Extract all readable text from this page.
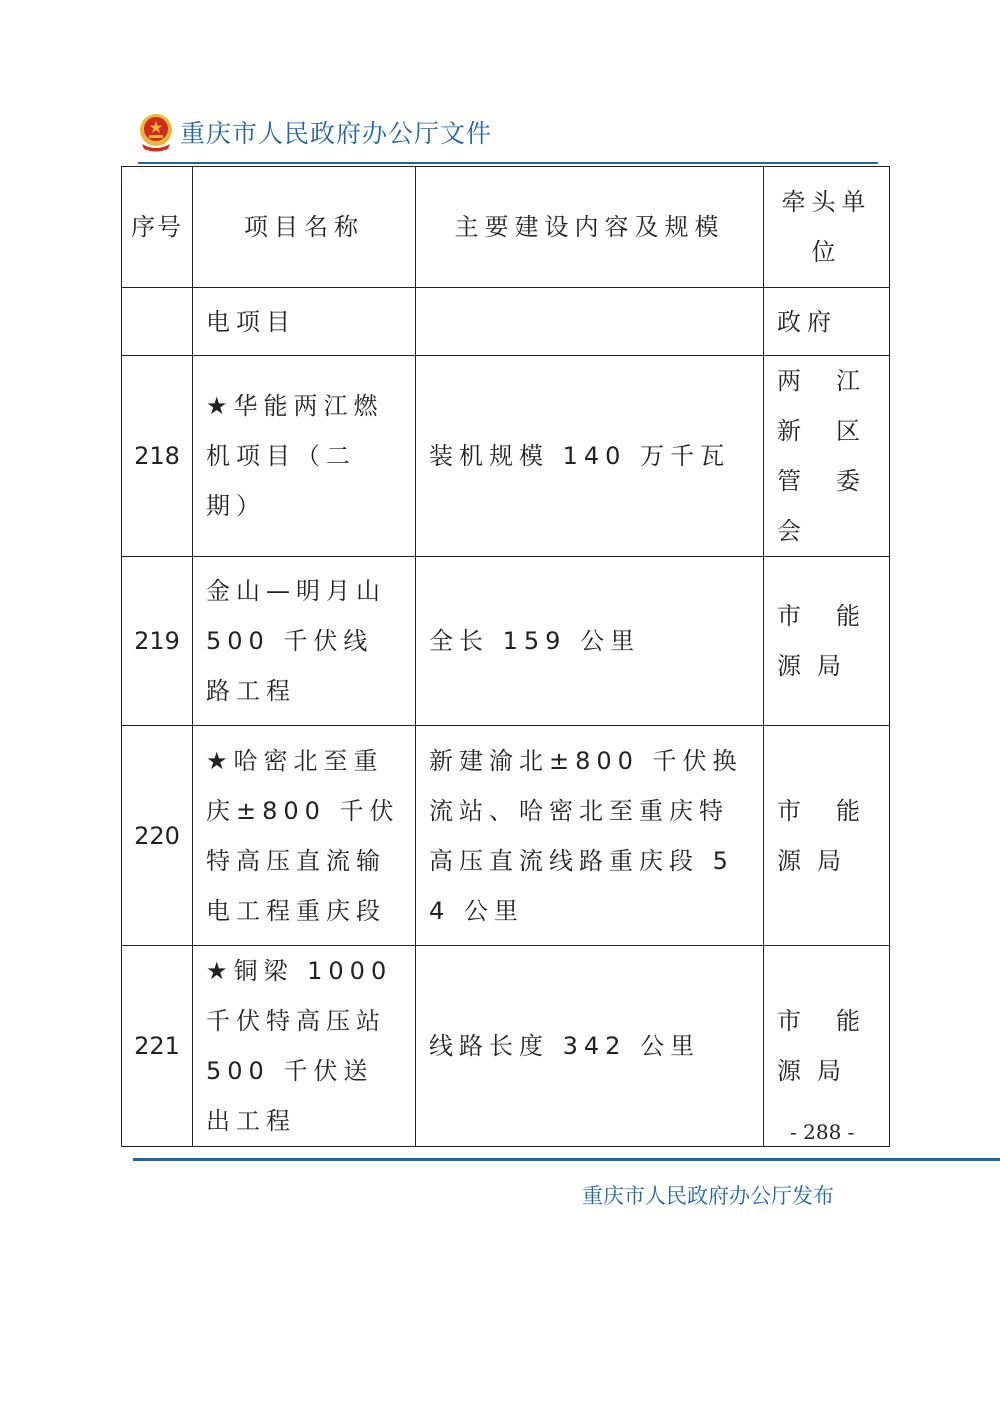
重庆市人民政府办公厅文件
序号	项目名称	主要建设内容及规模	牵头单位
	电项目		政府
218	★华能两江燃机项目（二期）	装机规模 140 万千瓦	两江新区管委会
219	金山—明月山 500 千伏线路工程	全长 159 公里	市能源局
220	★哈密北至重庆±800 千伏特高压直流输电工程重庆段	新建渝北±800 千伏换流站、哈密北至重庆特高压直流线路重庆段 54 公里	市能源局
221	★铜梁 1000 千伏特高压站 500 千伏送出工程	线路长度 342 公里	市能源局
- 288 -
重庆市人民政府办公厅发布
